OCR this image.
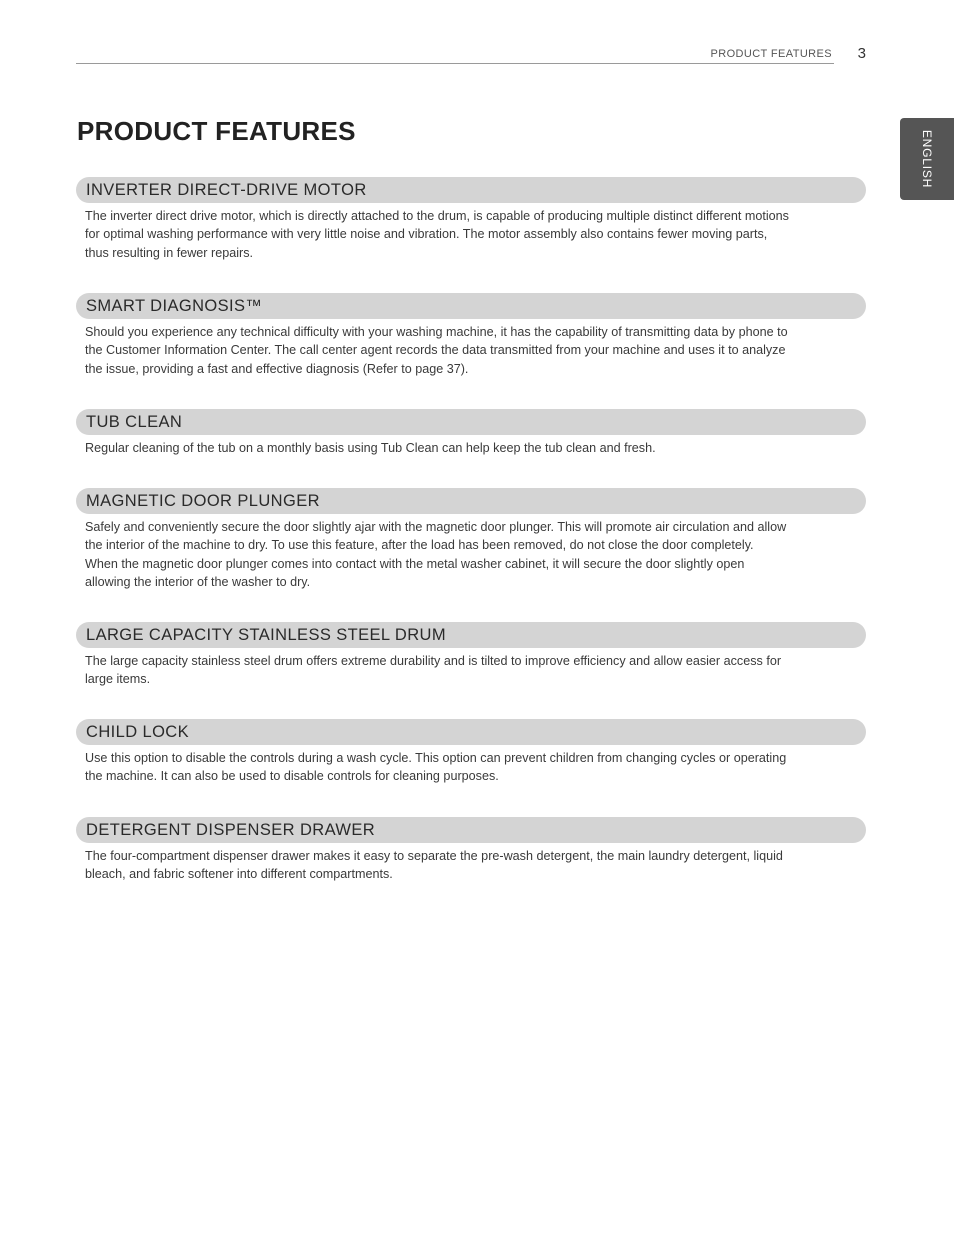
PRODUCT FEATURES 3
ENGLISH
PRODUCT FEATURES
INVERTER DIRECT-DRIVE MOTOR
The inverter direct drive motor, which is directly attached to the drum, is capable of producing multiple distinct different motions
for optimal washing performance with very little noise and vibration. The motor assembly also contains fewer moving parts,
thus resulting in fewer repairs.
SMART DIAGNOSIS™
Should you experience any technical difficulty with your washing machine, it has the capability of transmitting data by phone to
the Customer Information Center. The call center agent records the data transmitted from your machine and uses it to analyze
the issue, providing a fast and effective diagnosis (Refer to page 37).
TUB CLEAN
Regular cleaning of the tub on a monthly basis using Tub Clean can help keep the tub clean and fresh.
MAGNETIC DOOR PLUNGER
Safely and conveniently secure the door slightly ajar with the magnetic door plunger. This will promote air circulation and allow
the interior of the machine to dry. To use this feature, after the load has been removed, do not close the door completely.
When the magnetic door plunger comes into contact with the metal washer cabinet, it will secure the door slightly open
allowing the interior of the washer to dry.
LARGE CAPACITY STAINLESS STEEL DRUM
The large capacity stainless steel drum offers extreme durability and is tilted to improve efficiency and allow easier access for
large items.
CHILD LOCK
Use this option to disable the controls during a wash cycle. This option can prevent children from changing cycles or operating
the machine. It can also be used to disable controls for cleaning purposes.
DETERGENT DISPENSER DRAWER
The four-compartment dispenser drawer makes it easy to separate the pre-wash detergent, the main laundry detergent, liquid
bleach, and fabric softener into different compartments.
